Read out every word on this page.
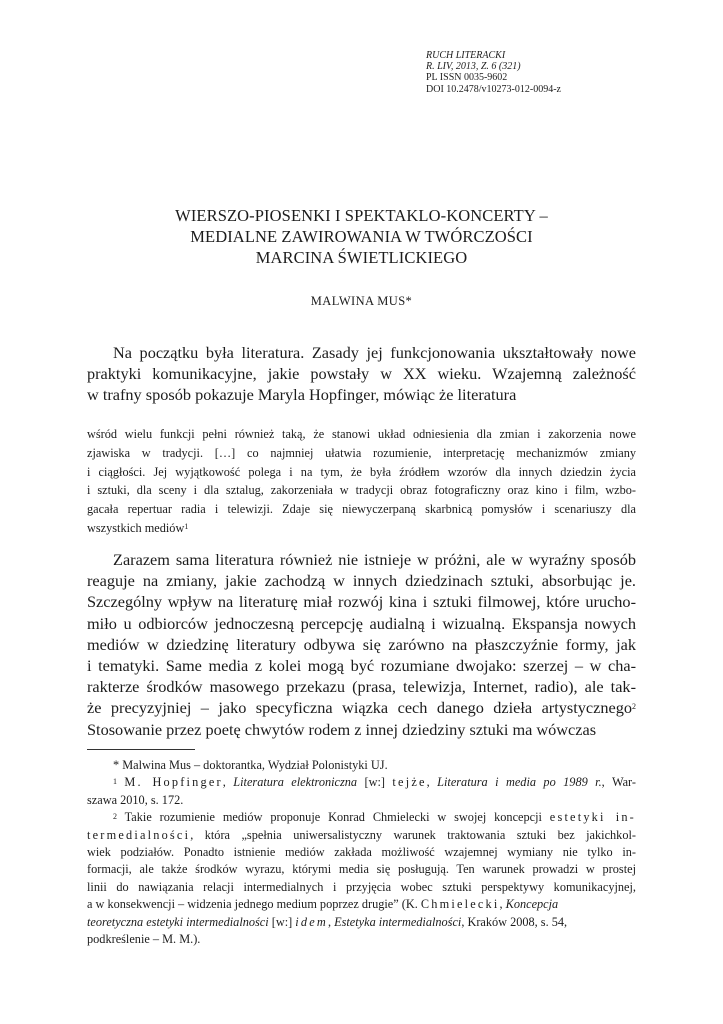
RUCH LITERACKI
R. LIV, 2013, Z. 6 (321)
PL ISSN 0035-9602
DOI 10.2478/v10273-012-0094-z
WIERSZO-PIOSENKI I SPEKTAKLO-KONCERTY –
MEDIALNE ZAWIROWANIA W TWÓRCZOŚCI
MARCINA ŚWIETLICKIEGO
MALWINA MUS*
Na początku była literatura. Zasady jej funkcjonowania ukształtowały nowe
praktyki komunikacyjne, jakie powstały w XX wieku. Wzajemną zależność
w trafny sposób pokazuje Maryla Hopfinger, mówiąc że literatura
wśród wielu funkcji pełni również taką, że stanowi układ odniesienia dla zmian i zakorzenia nowe
zjawiska w tradycji. […] co najmniej ułatwia rozumienie, interpretację mechanizmów zmiany
i ciągłości. Jej wyjątkowość polega i na tym, że była źródłem wzorów dla innych dziedzin życia
i sztuki, dla sceny i dla sztalug, zakorzeniała w tradycji obraz fotograficzny oraz kino i film, wzbo-
gacała repertuar radia i telewizji. Zdaje się niewyczerpaną skarbnicą pomysłów i scenariuszy dla
wszystkich mediów$^1$
Zarazem sama literatura również nie istnieje w próżni, ale w wyraźny sposób
reaguje na zmiany, jakie zachodzą w innych dziedzinach sztuki, absorbując je.
Szczególny wpływ na literaturę miał rozwój kina i sztuki filmowej, które urucho-
miło u odbiorców jednoczesną percepcję audialną i wizualną. Ekspansja nowych
mediów w dziedzinę literatury odbywa się zarówno na płaszczyźnie formy, jak
i tematyki. Same media z kolei mogą być rozumiane dwojako: szerzej – w cha-
rakterze środków masowego przekazu (prasa, telewizja, Internet, radio), ale tak-
że precyzyjniej – jako specyficzna wiązka cech danego dzieła artystycznego$^2$
Stosowanie przez poetę chwytów rodem z innej dziedziny sztuki ma wówczas
* Malwina Mus – doktorantka, Wydział Polonistyki UJ.
$^1$ M. Hopfinger, Literatura elektroniczna [w:] tejże, Literatura i media po 1989 r., War-
szawa 2010, s. 172.
$^2$ Takie rozumienie mediów proponuje Konrad Chmielecki w swojej koncepcji estetyki in-
termedialności, która „spełnia uniwersalistyczny warunek traktowania sztuki bez jakichkol-
wiek podziałów. Ponadto istnienie mediów zakłada możliwość wzajemnej wymiany nie tylko in-
formacji, ale także środków wyrazu, którymi media się posługują. Ten warunek prowadzi w prostej
linii do nawiązania relacji intermedialnych i przyjęcia wobec sztuki perspektywy komunikacyjnej,
a w konsekwencji – widzenia jednego medium poprzez drugie” (K. Chmielecki, Koncepcja
teoretyczna estetyki intermedialności [w:] idem, Estetyka intermedialności, Kraków 2008, s. 54,
podkreślenie – M. M.).
